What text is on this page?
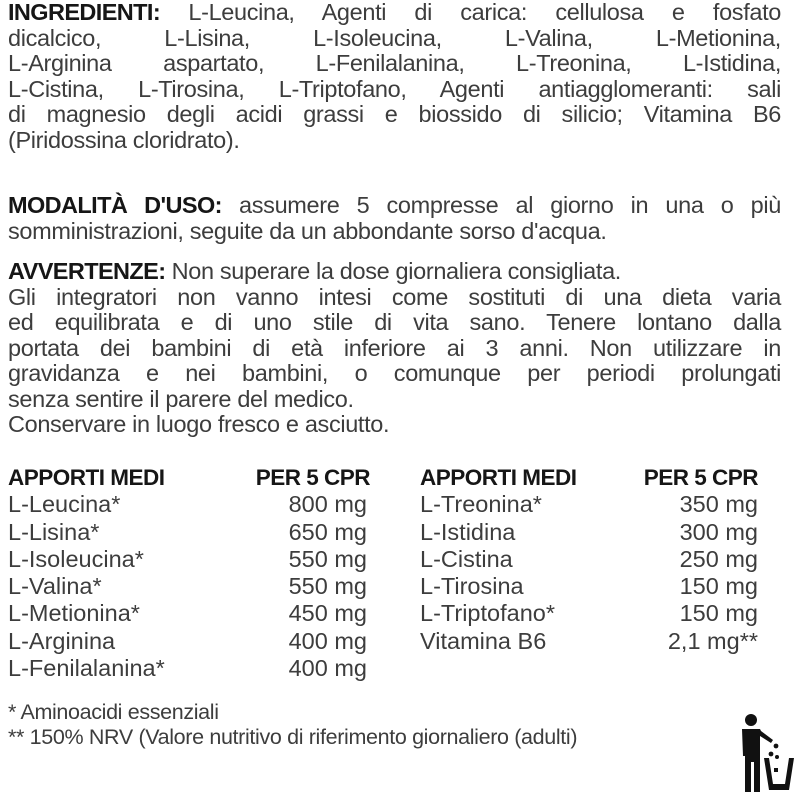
INGREDIENTI: L-Leucina, Agenti di carica: cellulosa e fosfato
dicalcico, L-Lisina, L-Isoleucina, L-Valina, L-Metionina,
L-Arginina aspartato, L-Fenilalanina, L-Treonina, L-Istidina,
L-Cistina, L-Tirosina, L-Triptofano, Agenti antiagglomeranti: sali
di magnesio degli acidi grassi e biossido di silicio; Vitamina B6
(Piridossina cloridrato).
MODALITÀ D'USO: assumere 5 compresse al giorno in una o più
somministrazioni, seguite da un abbondante sorso d'acqua.
AVVERTENZE: Non superare la dose giornaliera consigliata.
Gli integratori non vanno intesi come sostituti di una dieta varia
ed equilibrata e di uno stile di vita sano. Tenere lontano dalla
portata dei bambini di età inferiore ai 3 anni. Non utilizzare in
gravidanza e nei bambini, o comunque per periodi prolungati
senza sentire il parere del medico.
Conservare in luogo fresco e asciutto.
APPORTI MEDI	PER 5 CPR
L-Leucina*	800 mg
L-Lisina*	650 mg
L-Isoleucina*	550 mg
L-Valina*	550 mg
L-Metionina*	450 mg
L-Arginina	400 mg
L-Fenilalanina*	400 mg
APPORTI MEDI	PER 5 CPR
L-Treonina*	350 mg
L-Istidina	300 mg
L-Cistina	250 mg
L-Tirosina	150 mg
L-Triptofano*	150 mg
Vitamina B6	2,1 mg**
* Aminoacidi essenziali
** 150% NRV (Valore nutritivo di riferimento giornaliero (adulti)
